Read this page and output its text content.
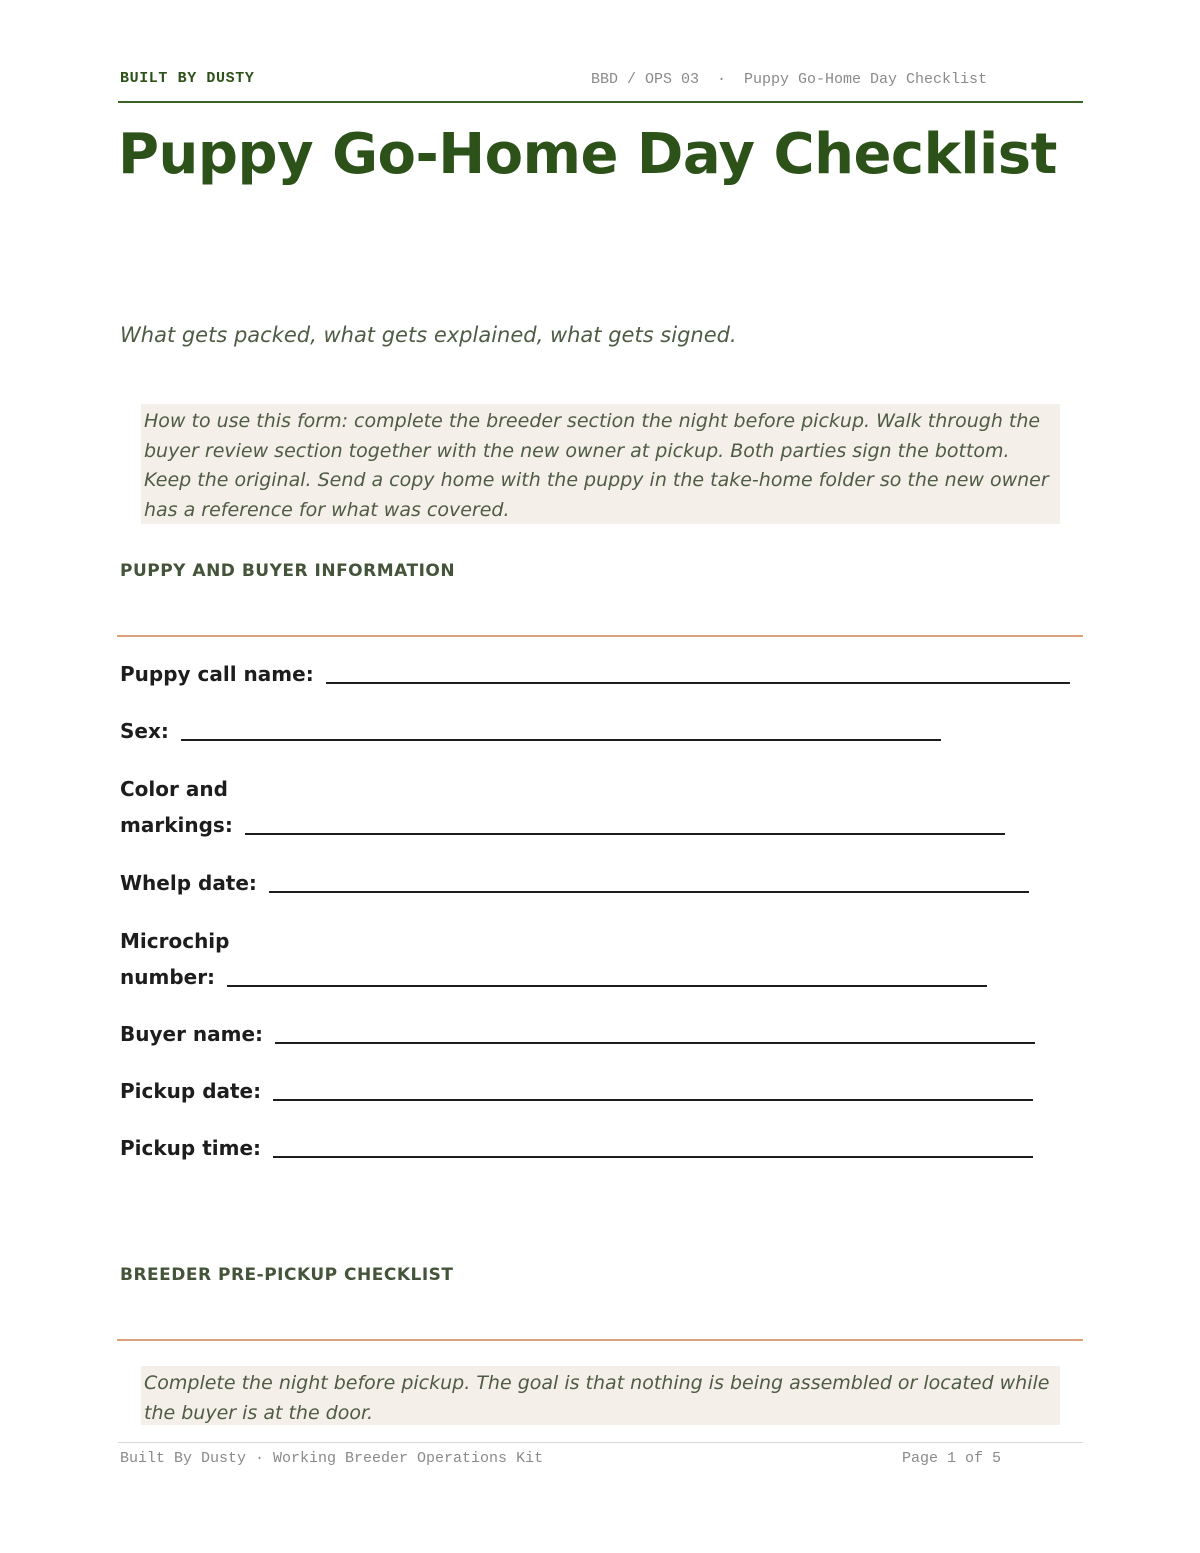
BUILT BY DUSTY	BBD / OPS 03  ·  Puppy Go-Home Day Checklist
Puppy Go-Home Day Checklist
What gets packed, what gets explained, what gets signed.
How to use this form: complete the breeder section the night before pickup. Walk through the buyer review section together with the new owner at pickup. Both parties sign the bottom. Keep the original. Send a copy home with the puppy in the take-home folder so the new owner has a reference for what was covered.
PUPPY AND BUYER INFORMATION
Puppy call name:
Sex:
Color and
markings:
Whelp date:
Microchip
number:
Buyer name:
Pickup date:
Pickup time:
BREEDER PRE-PICKUP CHECKLIST
Complete the night before pickup. The goal is that nothing is being assembled or located while the buyer is at the door.
Built By Dusty · Working Breeder Operations Kit	Page 1 of 5
